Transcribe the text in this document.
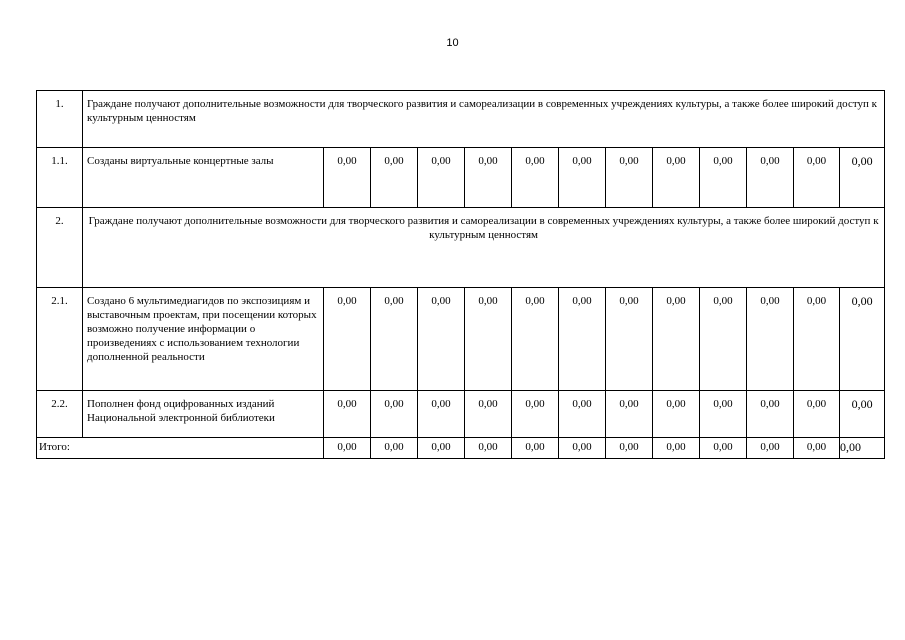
10
1.	Граждане получают дополнительные возможности для творческого развития и самореализации в современных учреждениях культуры, а также более широкий доступ к культурным ценностям												
1.1.	Созданы виртуальные концертные залы	0,00	0,00	0,00	0,00	0,00	0,00	0,00	0,00	0,00	0,00	0,00	0,00
2.	Граждане получают дополнительные возможности для творческого развития и самореализации в современных учреждениях культуры, а также более широкий доступ к культурным ценностям												
2.1.	Создано 6 мультимедиагидов по экспозициям и выставочным проектам, при посещении которых возможно получение информации о произведениях с использованием технологии дополненной реальности	0,00	0,00	0,00	0,00	0,00	0,00	0,00	0,00	0,00	0,00	0,00	0,00
2.2.	Пополнен фонд оцифрованных изданий Национальной электронной библиотеки	0,00	0,00	0,00	0,00	0,00	0,00	0,00	0,00	0,00	0,00	0,00	0,00
Итого:		0,00	0,00	0,00	0,00	0,00	0,00	0,00	0,00	0,00	0,00	0,00	0,00
